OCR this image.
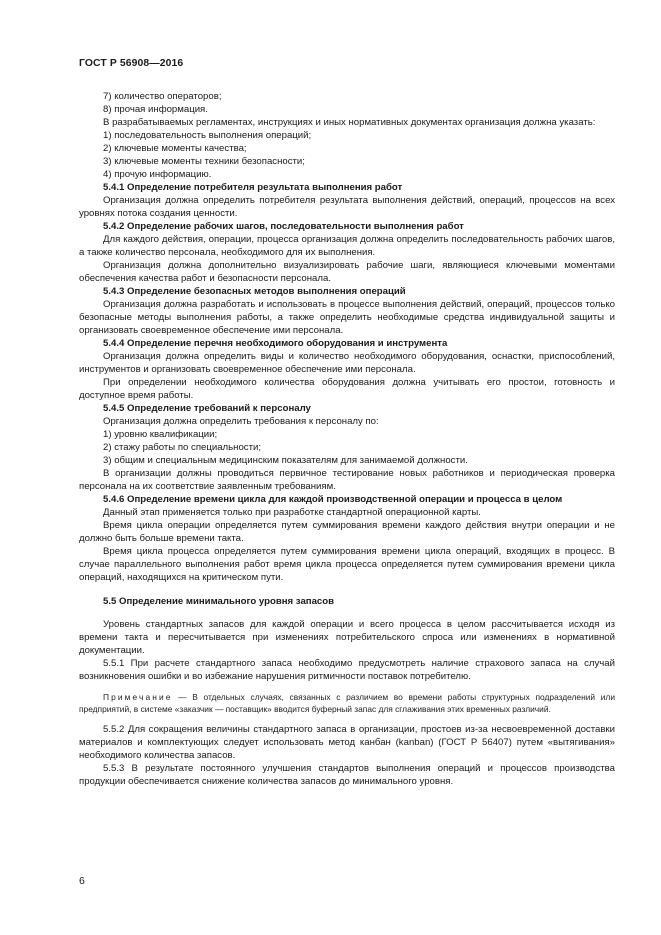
ГОСТ Р 56908—2016

7) количество операторов;

8) прочая информация.

В разрабатываемых регламентах, инструкциях и иных нормативных документах организация должна указать:

1) последовательность выполнения операций;

2) ключевые моменты качества;

3) ключевые моменты техники безопасности;

4) прочую информацию.

5.4.1 Определение потребителя результата выполнения работ

Организация должна определить потребителя результата выполнения действий, операций, процессов на всех уровнях потока создания ценности.

5.4.2 Определение рабочих шагов, последовательности выполнения работ

Для каждого действия, операции, процесса организация должна определить последовательность рабочих шагов, а также количество персонала, необходимого для их выполнения.

Организация должна дополнительно визуализировать рабочие шаги, являющиеся ключевыми моментами обеспечения качества работ и безопасности персонала.

5.4.3 Определение безопасных методов выполнения операций

Организация должна разработать и использовать в процессе выполнения действий, операций, процессов только безопасные методы выполнения работы, а также определить необходимые средства индивидуальной защиты и организовать своевременное обеспечение ими персонала.

5.4.4 Определение перечня необходимого оборудования и инструмента

Организация должна определить виды и количество необходимого оборудования, оснастки, приспособлений, инструментов и организовать своевременное обеспечение ими персонала.

При определении необходимого количества оборудования должна учитывать его простои, готовность и доступное время работы.

5.4.5 Определение требований к персоналу

Организация должна определить требования к персоналу по:

1) уровню квалификации;

2) стажу работы по специальности;

3) общим и специальным медицинским показателям для занимаемой должности.

В организации должны проводиться первичное тестирование новых работников и периодическая проверка персонала на их соответствие заявленным требованиям.

5.4.6 Определение времени цикла для каждой производственной операции и процесса в целом

Данный этап применяется только при разработке стандартной операционной карты.

Время цикла операции определяется путем суммирования времени каждого действия внутри операции и не должно быть больше времени такта.

Время цикла процесса определяется путем суммирования времени цикла операций, входящих в процесс. В случае параллельного выполнения работ время цикла процесса определяется путем суммирования времени цикла операций, находящихся на критическом пути.

5.5 Определение минимального уровня запасов

Уровень стандартных запасов для каждой операции и всего процесса в целом рассчитывается исходя из времени такта и пересчитывается при изменениях потребительского спроса или изменениях в нормативной документации.

5.5.1 При расчете стандартного запаса необходимо предусмотреть наличие страхового запаса на случай возникновения ошибки и во избежание нарушения ритмичности поставок потребителю.

Примечание — В отдельных случаях, связанных с различием во времени работы структурных подразделений или предприятий, в системе «заказчик — поставщик» вводится буферный запас для сглаживания этих временных различий.

5.5.2 Для сокращения величины стандартного запаса в организации, простоев из-за несвоевременной доставки материалов и комплектующих следует использовать метод канбан (kanban) (ГОСТ Р 56407) путем «вытягивания» необходимого количества запасов.

5.5.3 В результате постоянного улучшения стандартов выполнения операций и процессов производства продукции обеспечивается снижение количества запасов до минимального уровня.

6
